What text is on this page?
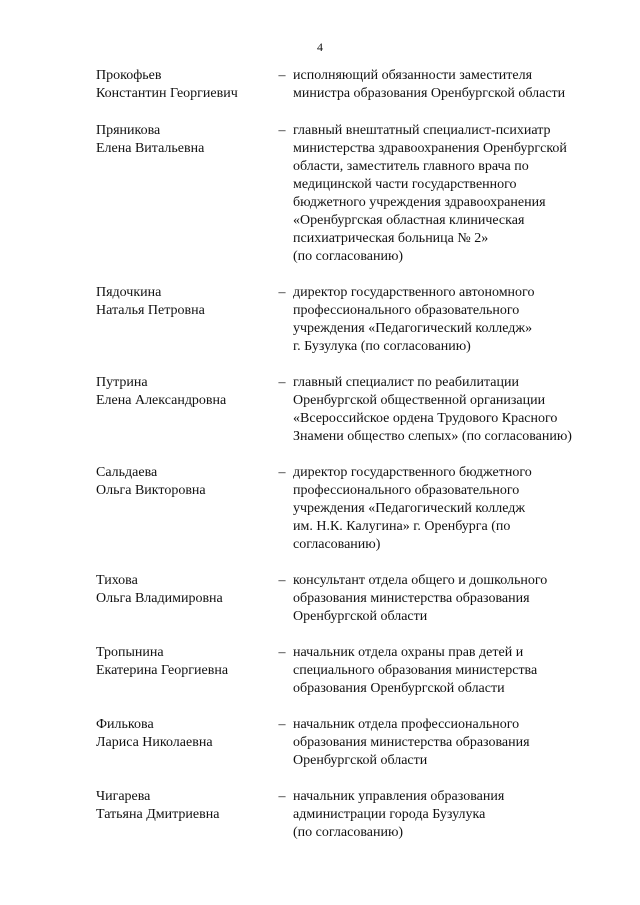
4
Прокофьев
Константин Георгиевич
– исполняющий обязанности заместителя
министра образования Оренбургской области
Пряникова
Елена Витальевна
– главный внештатный специалист-психиатр
министерства здравоохранения Оренбургской
области, заместитель главного врача по
медицинской части государственного
бюджетного учреждения здравоохранения
«Оренбургская областная клиническая
психиатрическая больница № 2»
(по согласованию)
Пядочкина
Наталья Петровна
– директор государственного автономного
профессионального образовательного
учреждения «Педагогический колледж»
г. Бузулука (по согласованию)
Путрина
Елена Александровна
– главный специалист по реабилитации
Оренбургской общественной организации
«Всероссийское ордена Трудового Красного
Знамени общество слепых» (по согласованию)
Сальдаева
Ольга Викторовна
– директор государственного бюджетного
профессионального образовательного
учреждения «Педагогический колледж
им. Н.К. Калугина» г. Оренбурга (по
согласованию)
Тихова
Ольга Владимировна
– консультант отдела общего и дошкольного
образования министерства образования
Оренбургской области
Тропынина
Екатерина Георгиевна
– начальник отдела охраны прав детей и
специального образования министерства
образования Оренбургской области
Филькова
Лариса Николаевна
– начальник отдела профессионального
образования министерства образования
Оренбургской области
Чигарева
Татьяна Дмитриевна
– начальник управления образования
администрации города Бузулука
(по согласованию)
